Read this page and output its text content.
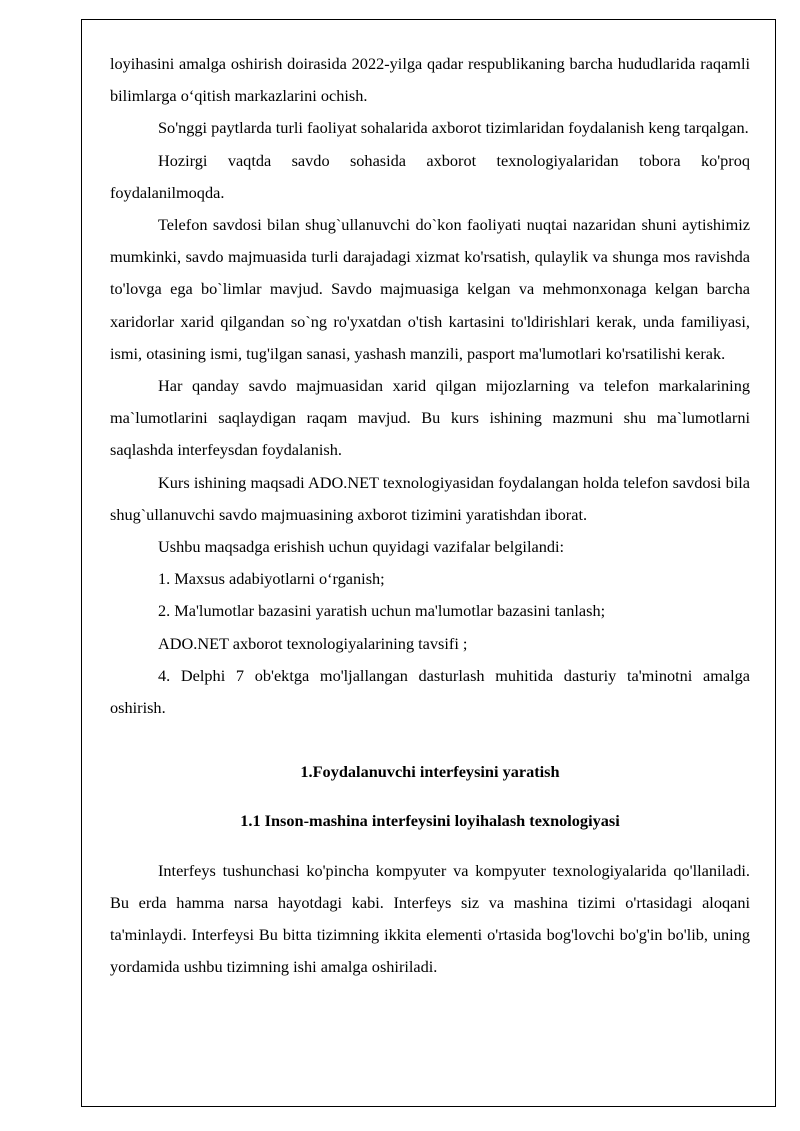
loyihasini amalga oshirish doirasida 2022-yilga qadar respublikaning barcha hududlarida raqamli bilimlarga o‘qitish markazlarini ochish.

So'nggi paytlarda turli faoliyat sohalarida axborot tizimlaridan foydalanish keng tarqalgan.

Hozirgi vaqtda savdo sohasida axborot texnologiyalaridan tobora ko'proq foydalanilmoqda.

Telefon savdosi bilan shug`ullanuvchi do`kon faoliyati nuqtai nazaridan shuni aytishimiz mumkinki, savdo majmuasida turli darajadagi xizmat ko'rsatish, qulaylik va shunga mos ravishda to'lovga ega bo`limlar mavjud. Savdo majmuasiga kelgan va mehmonxonaga kelgan barcha xaridorlar xarid qilgandan so`ng ro'yxatdan o'tish kartasini to'ldirishlari kerak, unda familiyasi, ismi, otasining ismi, tug'ilgan sanasi, yashash manzili, pasport ma'lumotlari ko'rsatilishi kerak.

Har qanday savdo majmuasidan xarid qilgan mijozlarning va telefon markalarining ma`lumotlarini saqlaydigan raqam mavjud. Bu kurs ishining mazmuni shu ma`lumotlarni saqlashda interfeysdan foydalanish.

Kurs ishining maqsadi ADO.NET texnologiyasidan foydalangan holda telefon savdosi bila shug`ullanuvchi savdo majmuasining axborot tizimini yaratishdan iborat.

Ushbu maqsadga erishish uchun quyidagi vazifalar belgilandi:

1. Maxsus adabiyotlarni o‘rganish;

2. Ma'lumotlar bazasini yaratish uchun ma'lumotlar bazasini tanlash;

ADO.NET axborot texnologiyalarining tavsifi ;

4. Delphi 7 ob'ektga mo'ljallangan dasturlash muhitida dasturiy ta'minotni amalga oshirish.

1.Foydalanuvchi interfeysini yaratish

1.1 Inson-mashina interfeysini loyihalash texnologiyasi

Interfeys tushunchasi ko'pincha kompyuter va kompyuter texnologiyalarida qo'llaniladi. Bu erda hamma narsa hayotdagi kabi. Interfeys siz va mashina tizimi o'rtasidagi aloqani ta'minlaydi. Interfeysi Bu bitta tizimning ikkita elementi o'rtasida bog'lovchi bo'g'in bo'lib, uning yordamida ushbu tizimning ishi amalga oshiriladi.
